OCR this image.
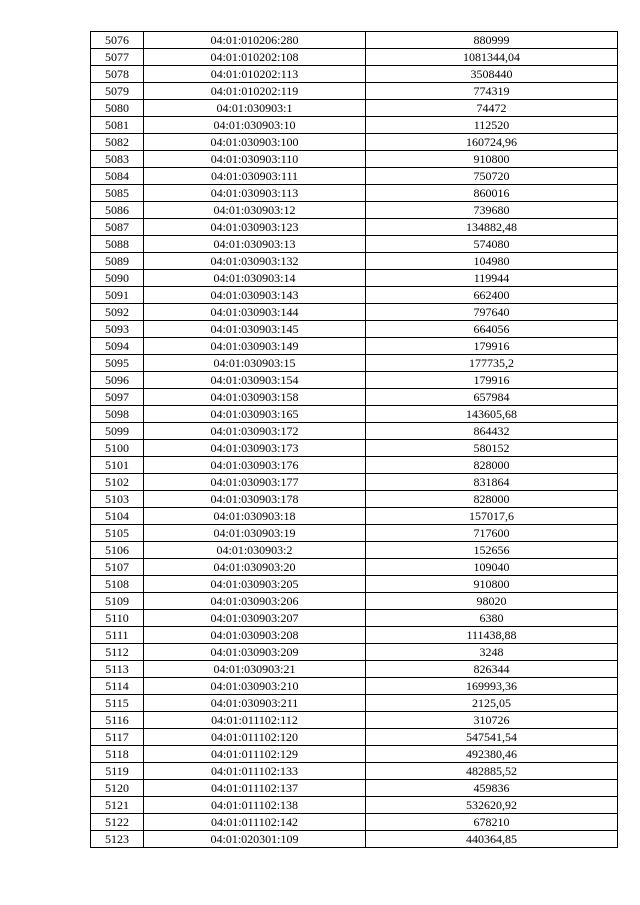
5076	04:01:010206:280	880999
5077	04:01:010202:108	1081344,04
5078	04:01:010202:113	3508440
5079	04:01:010202:119	774319
5080	04:01:030903:1	74472
5081	04:01:030903:10	112520
5082	04:01:030903:100	160724,96
5083	04:01:030903:110	910800
5084	04:01:030903:111	750720
5085	04:01:030903:113	860016
5086	04:01:030903:12	739680
5087	04:01:030903:123	134882,48
5088	04:01:030903:13	574080
5089	04:01:030903:132	104980
5090	04:01:030903:14	119944
5091	04:01:030903:143	662400
5092	04:01:030903:144	797640
5093	04:01:030903:145	664056
5094	04:01:030903:149	179916
5095	04:01:030903:15	177735,2
5096	04:01:030903:154	179916
5097	04:01:030903:158	657984
5098	04:01:030903:165	143605,68
5099	04:01:030903:172	864432
5100	04:01:030903:173	580152
5101	04:01:030903:176	828000
5102	04:01:030903:177	831864
5103	04:01:030903:178	828000
5104	04:01:030903:18	157017,6
5105	04:01:030903:19	717600
5106	04:01:030903:2	152656
5107	04:01:030903:20	109040
5108	04:01:030903:205	910800
5109	04:01:030903:206	98020
5110	04:01:030903:207	6380
5111	04:01:030903:208	111438,88
5112	04:01:030903:209	3248
5113	04:01:030903:21	826344
5114	04:01:030903:210	169993,36
5115	04:01:030903:211	2125,05
5116	04:01:011102:112	310726
5117	04:01:011102:120	547541,54
5118	04:01:011102:129	492380,46
5119	04:01:011102:133	482885,52
5120	04:01:011102:137	459836
5121	04:01:011102:138	532620,92
5122	04:01:011102:142	678210
5123	04:01:020301:109	440364,85
